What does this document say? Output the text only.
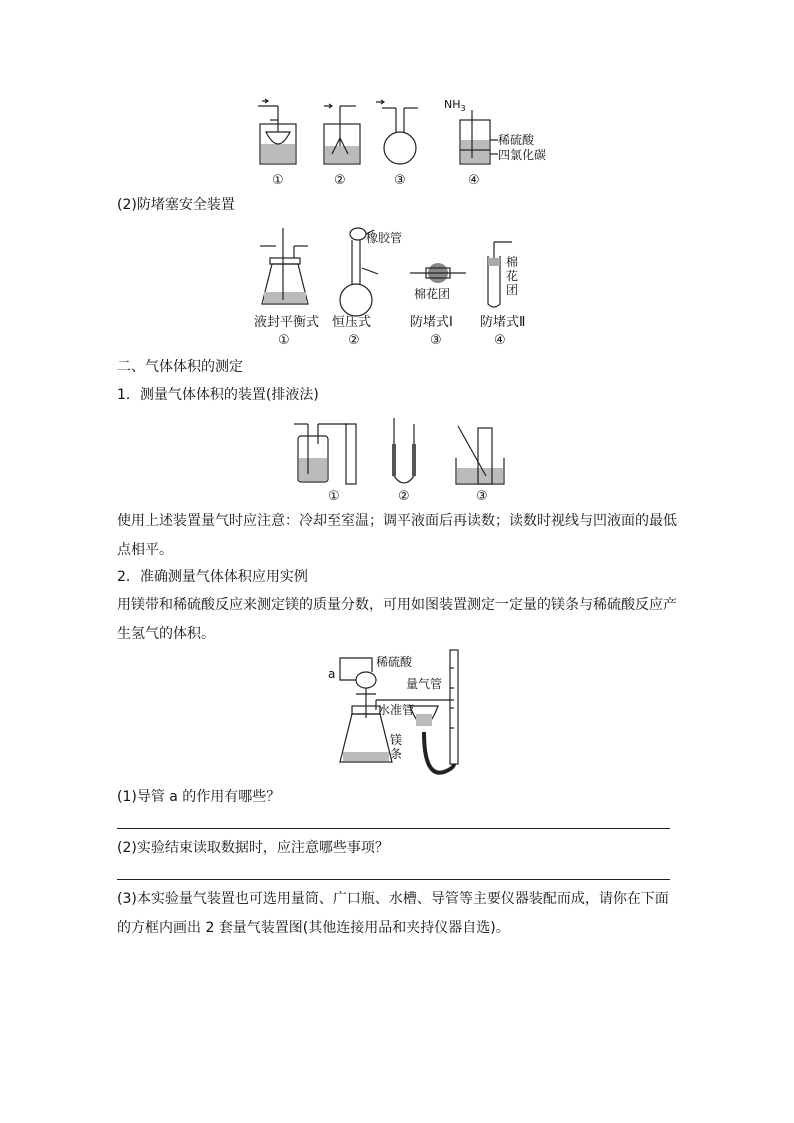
$NH_3$
稀硫酸
四氯化碳
①	②	③	④
(2)防堵塞安全装置
橡胶管
棉花团
棉
花
团
液封平衡式 恒压式	防堵式Ⅰ 防堵式Ⅱ
①	②	③	④
二、气体体积的测定
1．测量气体体积的装置(排液法)
①	②	③
使用上述装置量气时应注意：冷却至室温；调平液面后再读数；读数时视线与凹液面的最低点相平。
2．准确测量气体体积应用实例
用镁带和稀硫酸反应来测定镁的质量分数，可用如图装置测定一定量的镁条与稀硫酸反应产生氢气的体积。
a
稀硫酸
量气管
水准管
镁
条
(1)导管 a 的作用有哪些？
(2)实验结束读取数据时，应注意哪些事项？
(3)本实验量气装置也可选用量筒、广口瓶、水槽、导管等主要仪器装配而成，请你在下面的方框内画出 2 套量气装置图(其他连接用品和夹持仪器自选)。
